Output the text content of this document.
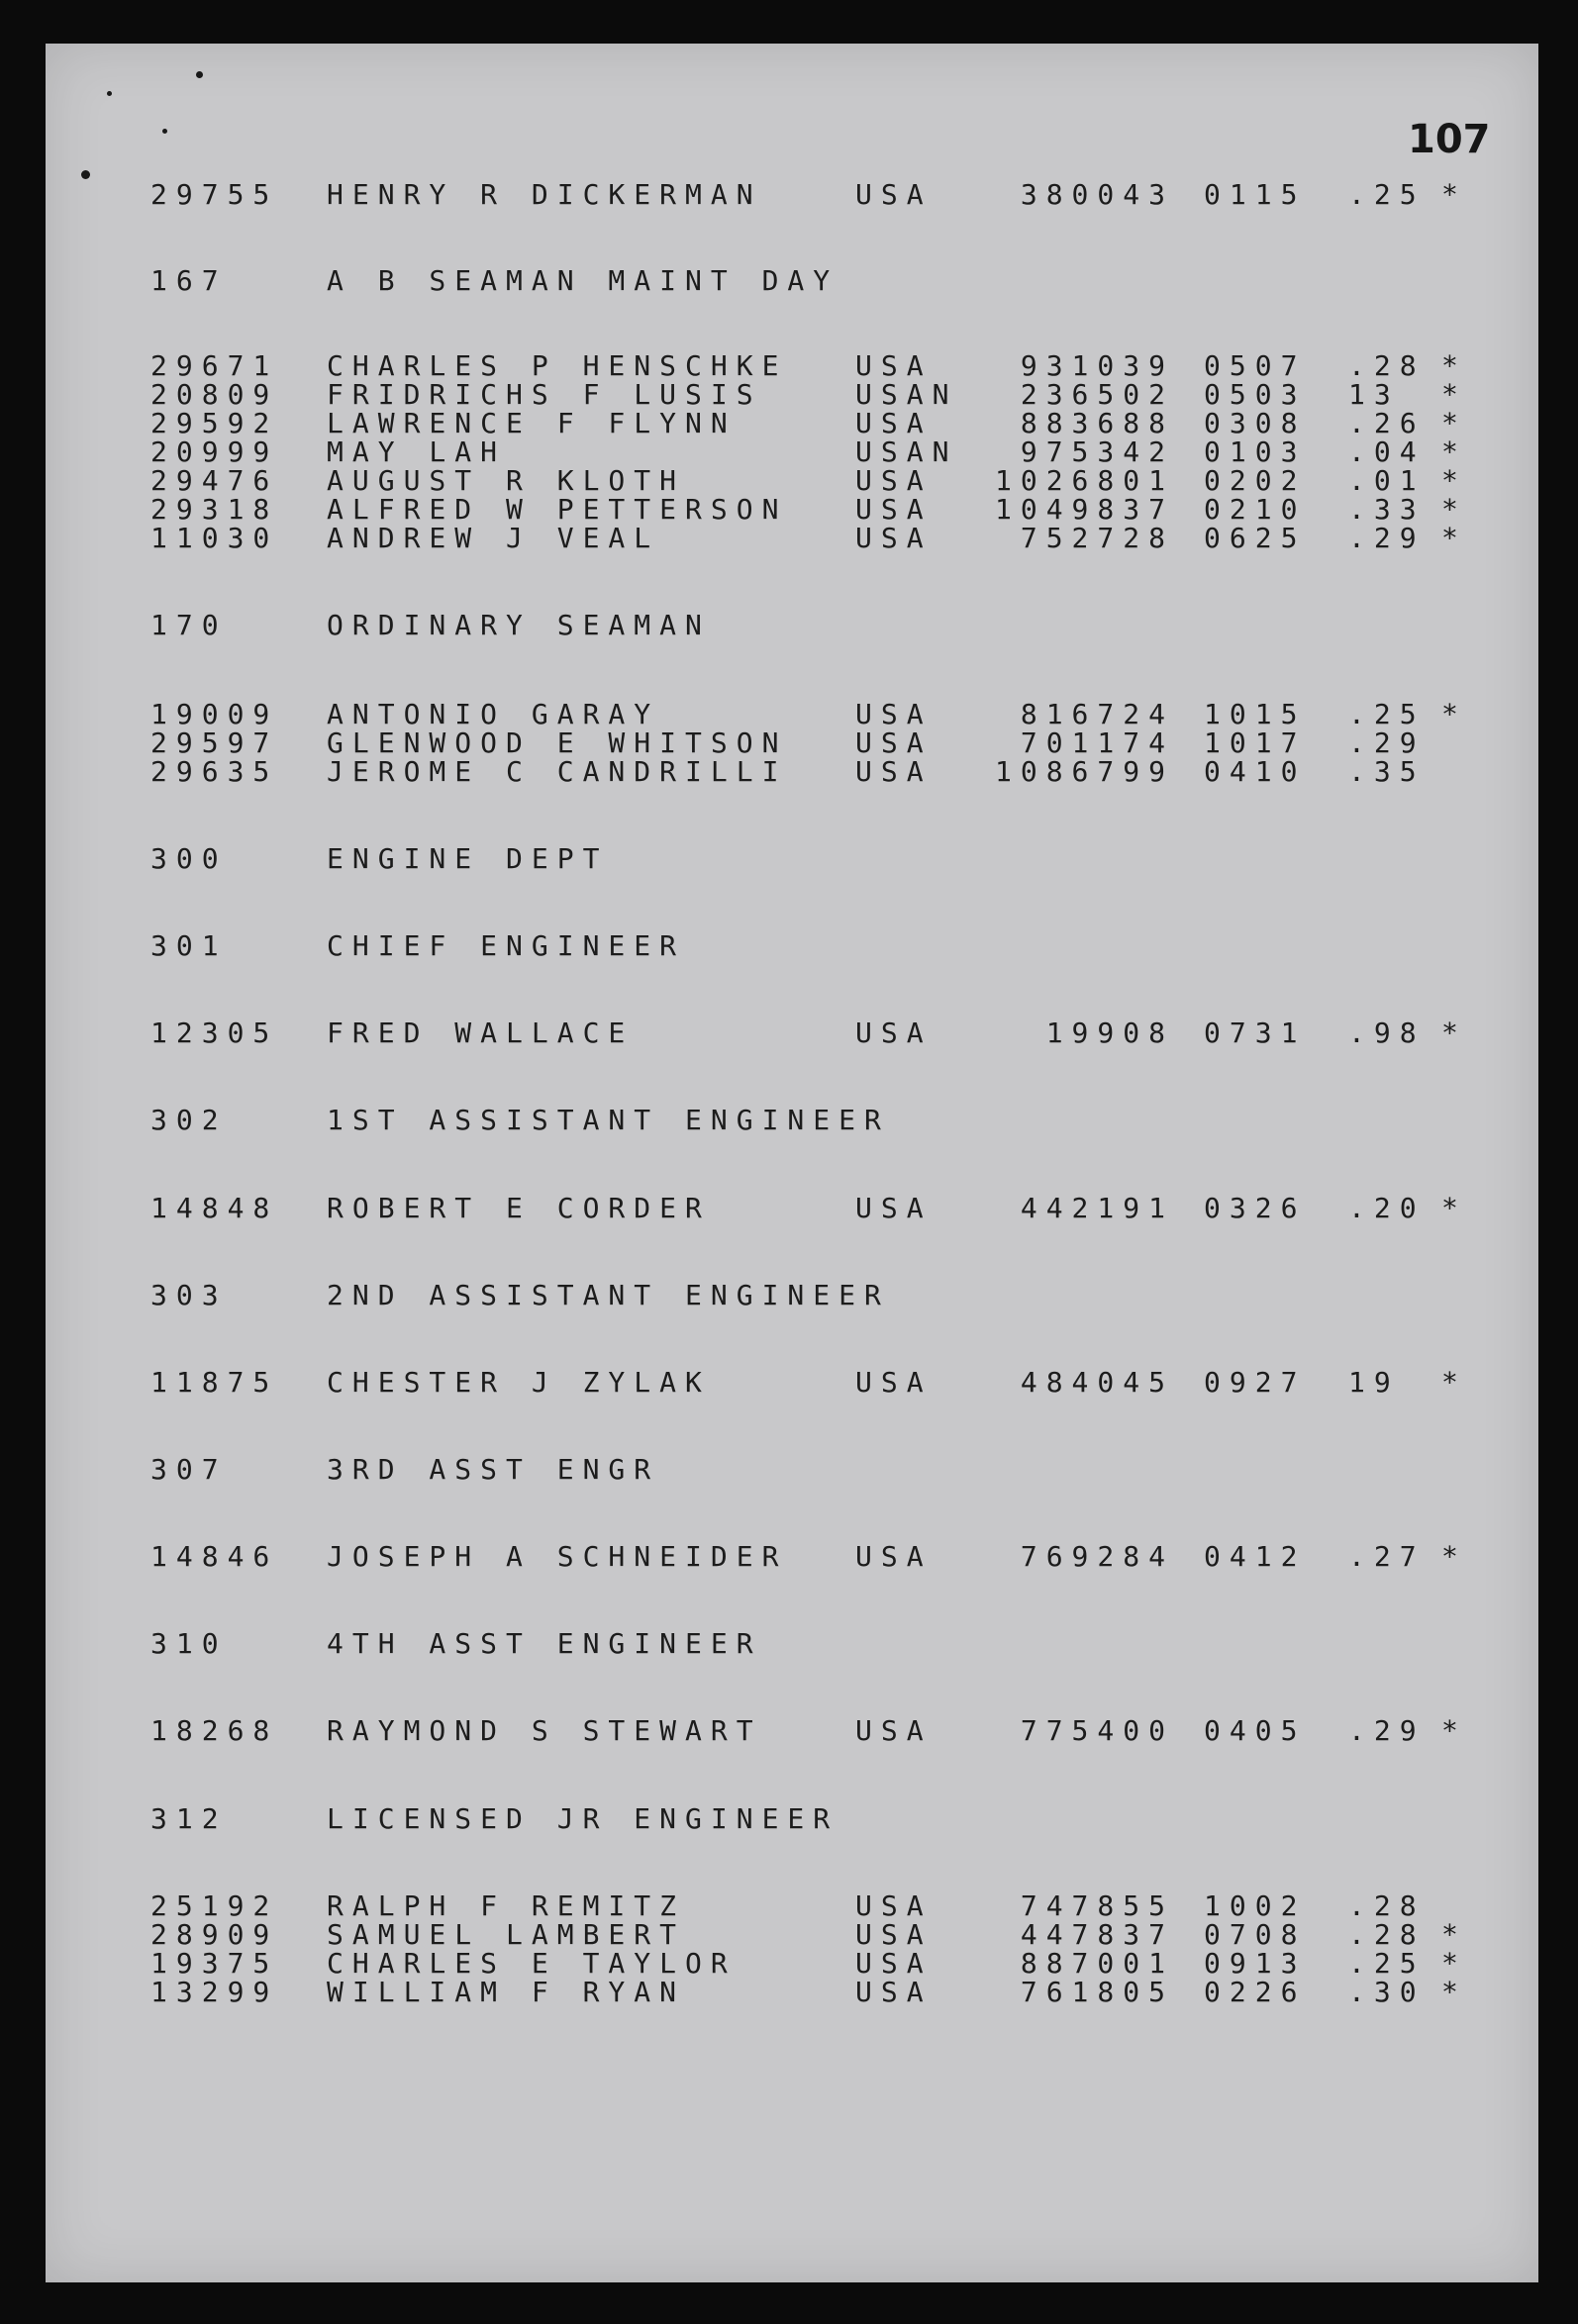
107
29755 HENRY R DICKERMAN	USA	380043 0115 .25 *
167	A B SEAMAN MAINT DAY
29671 CHARLES P HENSCHKE USA	931039 0507 .28 *
20809 FRIDRICHS F LUSIS	USAN	236502 0503 13 *
29592 LAWRENCE F FLYNN	USA	883688 0308 .26 *
20999 MAY LAH	USAN	975342 0103 .04 *
29476 AUGUST R KLOTH	USA	1026801 0202 .01 *
29318 ALFRED W PETTERSON USA	1049837 0210 .33 *
11030 ANDREW J VEAL	USA	752728 0625 .29 *
170	ORDINARY SEAMAN
19009 ANTONIO GARAY	USA	816724 1015 .25 *
29597 GLENWOOD E WHITSON USA	701174 1017 .29
29635 JEROME C CANDRILLI USA	1086799 0410 .35
300	ENGINE DEPT
301	CHIEF ENGINEER
12305 FRED WALLACE	USA	19908 0731 .98 *
302	1ST ASSISTANT ENGINEER
14848 ROBERT E CORDER	USA	442191 0326 .20 *
303	2ND ASSISTANT ENGINEER
11875 CHESTER J ZYLAK	USA	484045 0927 19 *
307	3RD ASST ENGR
14846 JOSEPH A SCHNEIDER USA	769284 0412 .27 *
310	4TH ASST ENGINEER
18268 RAYMOND S STEWART	USA	775400 0405 .29 *
312	LICENSED JR ENGINEER
25192 RALPH F REMITZ	USA	747855 1002 .28
28909 SAMUEL LAMBERT	USA	447837 0708 .28 *
19375 CHARLES E TAYLOR	USA	887001 0913 .25 *
13299 WILLIAM F RYAN	USA	761805 0226 .30 *
